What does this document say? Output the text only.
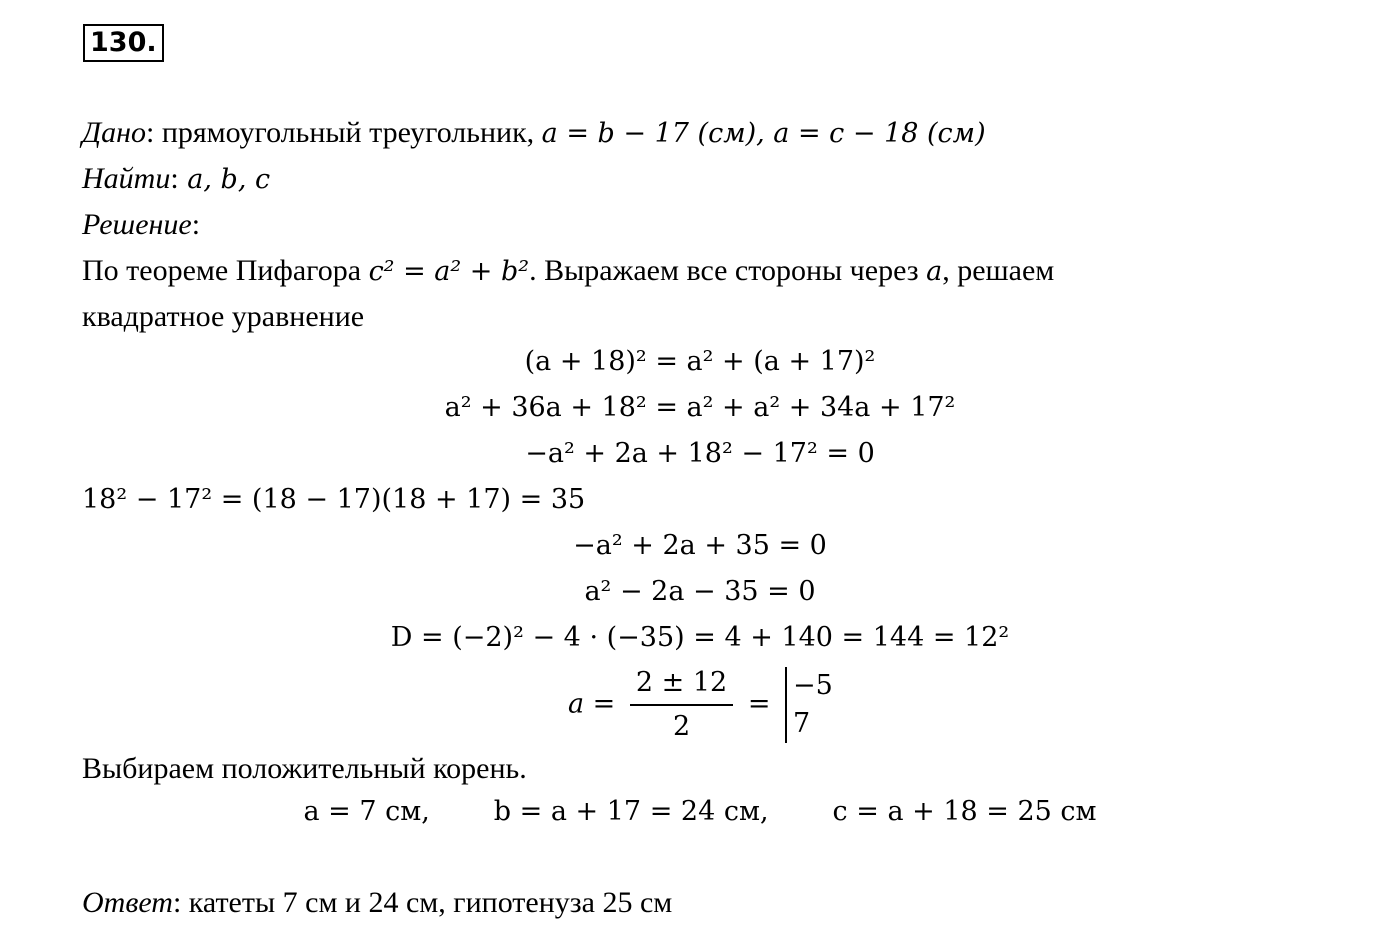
130.
Дано: прямоугольный треугольник, a = b − 17 (см), a = c − 18 (см)
Найти: a, b, c
Решение:
По теореме Пифагора c² = a² + b². Выражаем все стороны через a, решаем
квадратное уравнение
(a + 18)² = a² + (a + 17)²
a² + 36a + 18² = a² + a² + 34a + 17²
−a² + 2a + 18² − 17² = 0
18² − 17² = (18 − 17)(18 + 17) = 35
−a² + 2a + 35 = 0
a² − 2a − 35 = 0
D = (−2)² − 4 · (−35) = 4 + 140 = 144 = 12²
$a = \frac{2 \pm 12}{2}$ =
−5
7
Выбираем положительный корень.
a = 7 см, b = a + 17 = 24 см, c = a + 18 = 25 см
Ответ: катеты 7 см и 24 см, гипотенуза 25 см
